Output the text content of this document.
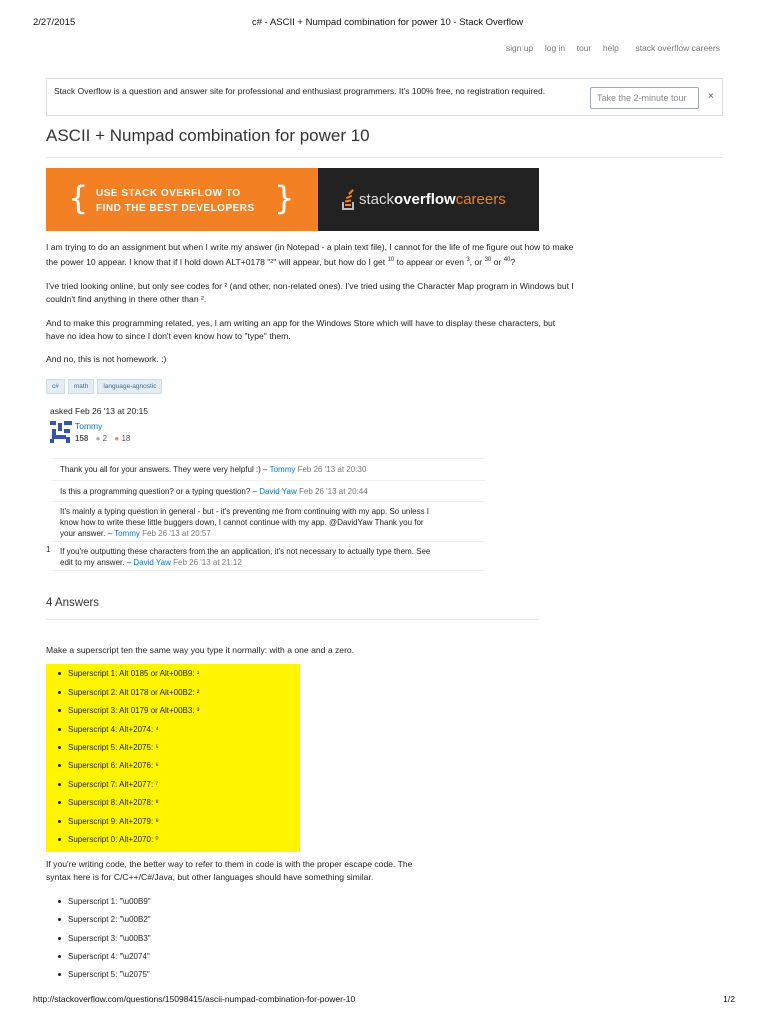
2/27/2015	c# - ASCII + Numpad combination for power 10 - Stack Overflow
sign up log in tour help stack overflow careers
Stack Overflow is a question and answer site for professional and enthusiast programmers. It's 100% free, no registration required.
Take the 2-minute tour	×
ASCII + Numpad combination for power 10
{ USE STACK OVERFLOW TO
FIND THE BEST DEVELOPERS }	stackoverflowcareers

I am trying to do an assignment but when I write my answer (in Notepad - a plain text file), I cannot for the life of me figure out how to make
the power 10 appear. I know that if I hold down ALT+0178 "²" will appear, but how do I get $^{10}$ to appear or even $^3$, or $^{30}$ or $^{40}$?

I've tried looking online, but only see codes for ² (and other, non-related ones). I've tried using the Character Map program in Windows but I
couldn't find anything in there other than ².

And to make this programming related, yes, I am writing an app for the Windows Store which will have to display these characters, but
have no idea how to since I don't even know how to "type" them.

And no, this is not homework. :)

c# math language-agnostic
asked Feb 26 '13 at 20:15
Tommy
158 ● 2 ● 18
Thank you all for your answers. They were very helpful :) – Tommy Feb 26 '13 at 20:30
Is this a programming question? or a typing question? – David Yaw Feb 26 '13 at 20:44
It's mainly a typing question in general - but - it's preventing me from continuing with my app. So unless I
know how to write these little buggers down, I cannot continue with my app. @DavidYaw Thank you for
your answer. – Tommy Feb 26 '13 at 20:57
If you're outputting these characters from the an application, it's not necessary to actually type them. See
edit to my answer. – David Yaw Feb 26 '13 at 21:12
1
4 Answers
Make a superscript ten the same way you type it normally: with a one and a zero.
Superscript 1: Alt 0185 or Alt+00B9: ¹
Superscript 2: Alt 0178 or Alt+00B2: ²
Superscript 3: Alt 0179 or Alt+00B3: ³
Superscript 4: Alt+2074: ⁴
Superscript 5: Alt+2075: ⁵
Superscript 6: Alt+2076: ⁶
Superscript 7: Alt+2077: ⁷
Superscript 8: Alt+2078: ⁸
Superscript 9: Alt+2079: ⁹
Superscript 0: Alt+2070: ⁰

If you're writing code, the better way to refer to them in code is with the proper escape code. The
syntax here is for C/C++/C#/Java, but other languages should have something similar.

Superscript 1: "\u00B9"
Superscript 2: "\u00B2"
Superscript 3: "\u00B3"
Superscript 4: "\u2074"
Superscript 5: "\u2075"
http://stackoverflow.com/questions/15098415/ascii-numpad-combination-for-power-10	1/2
